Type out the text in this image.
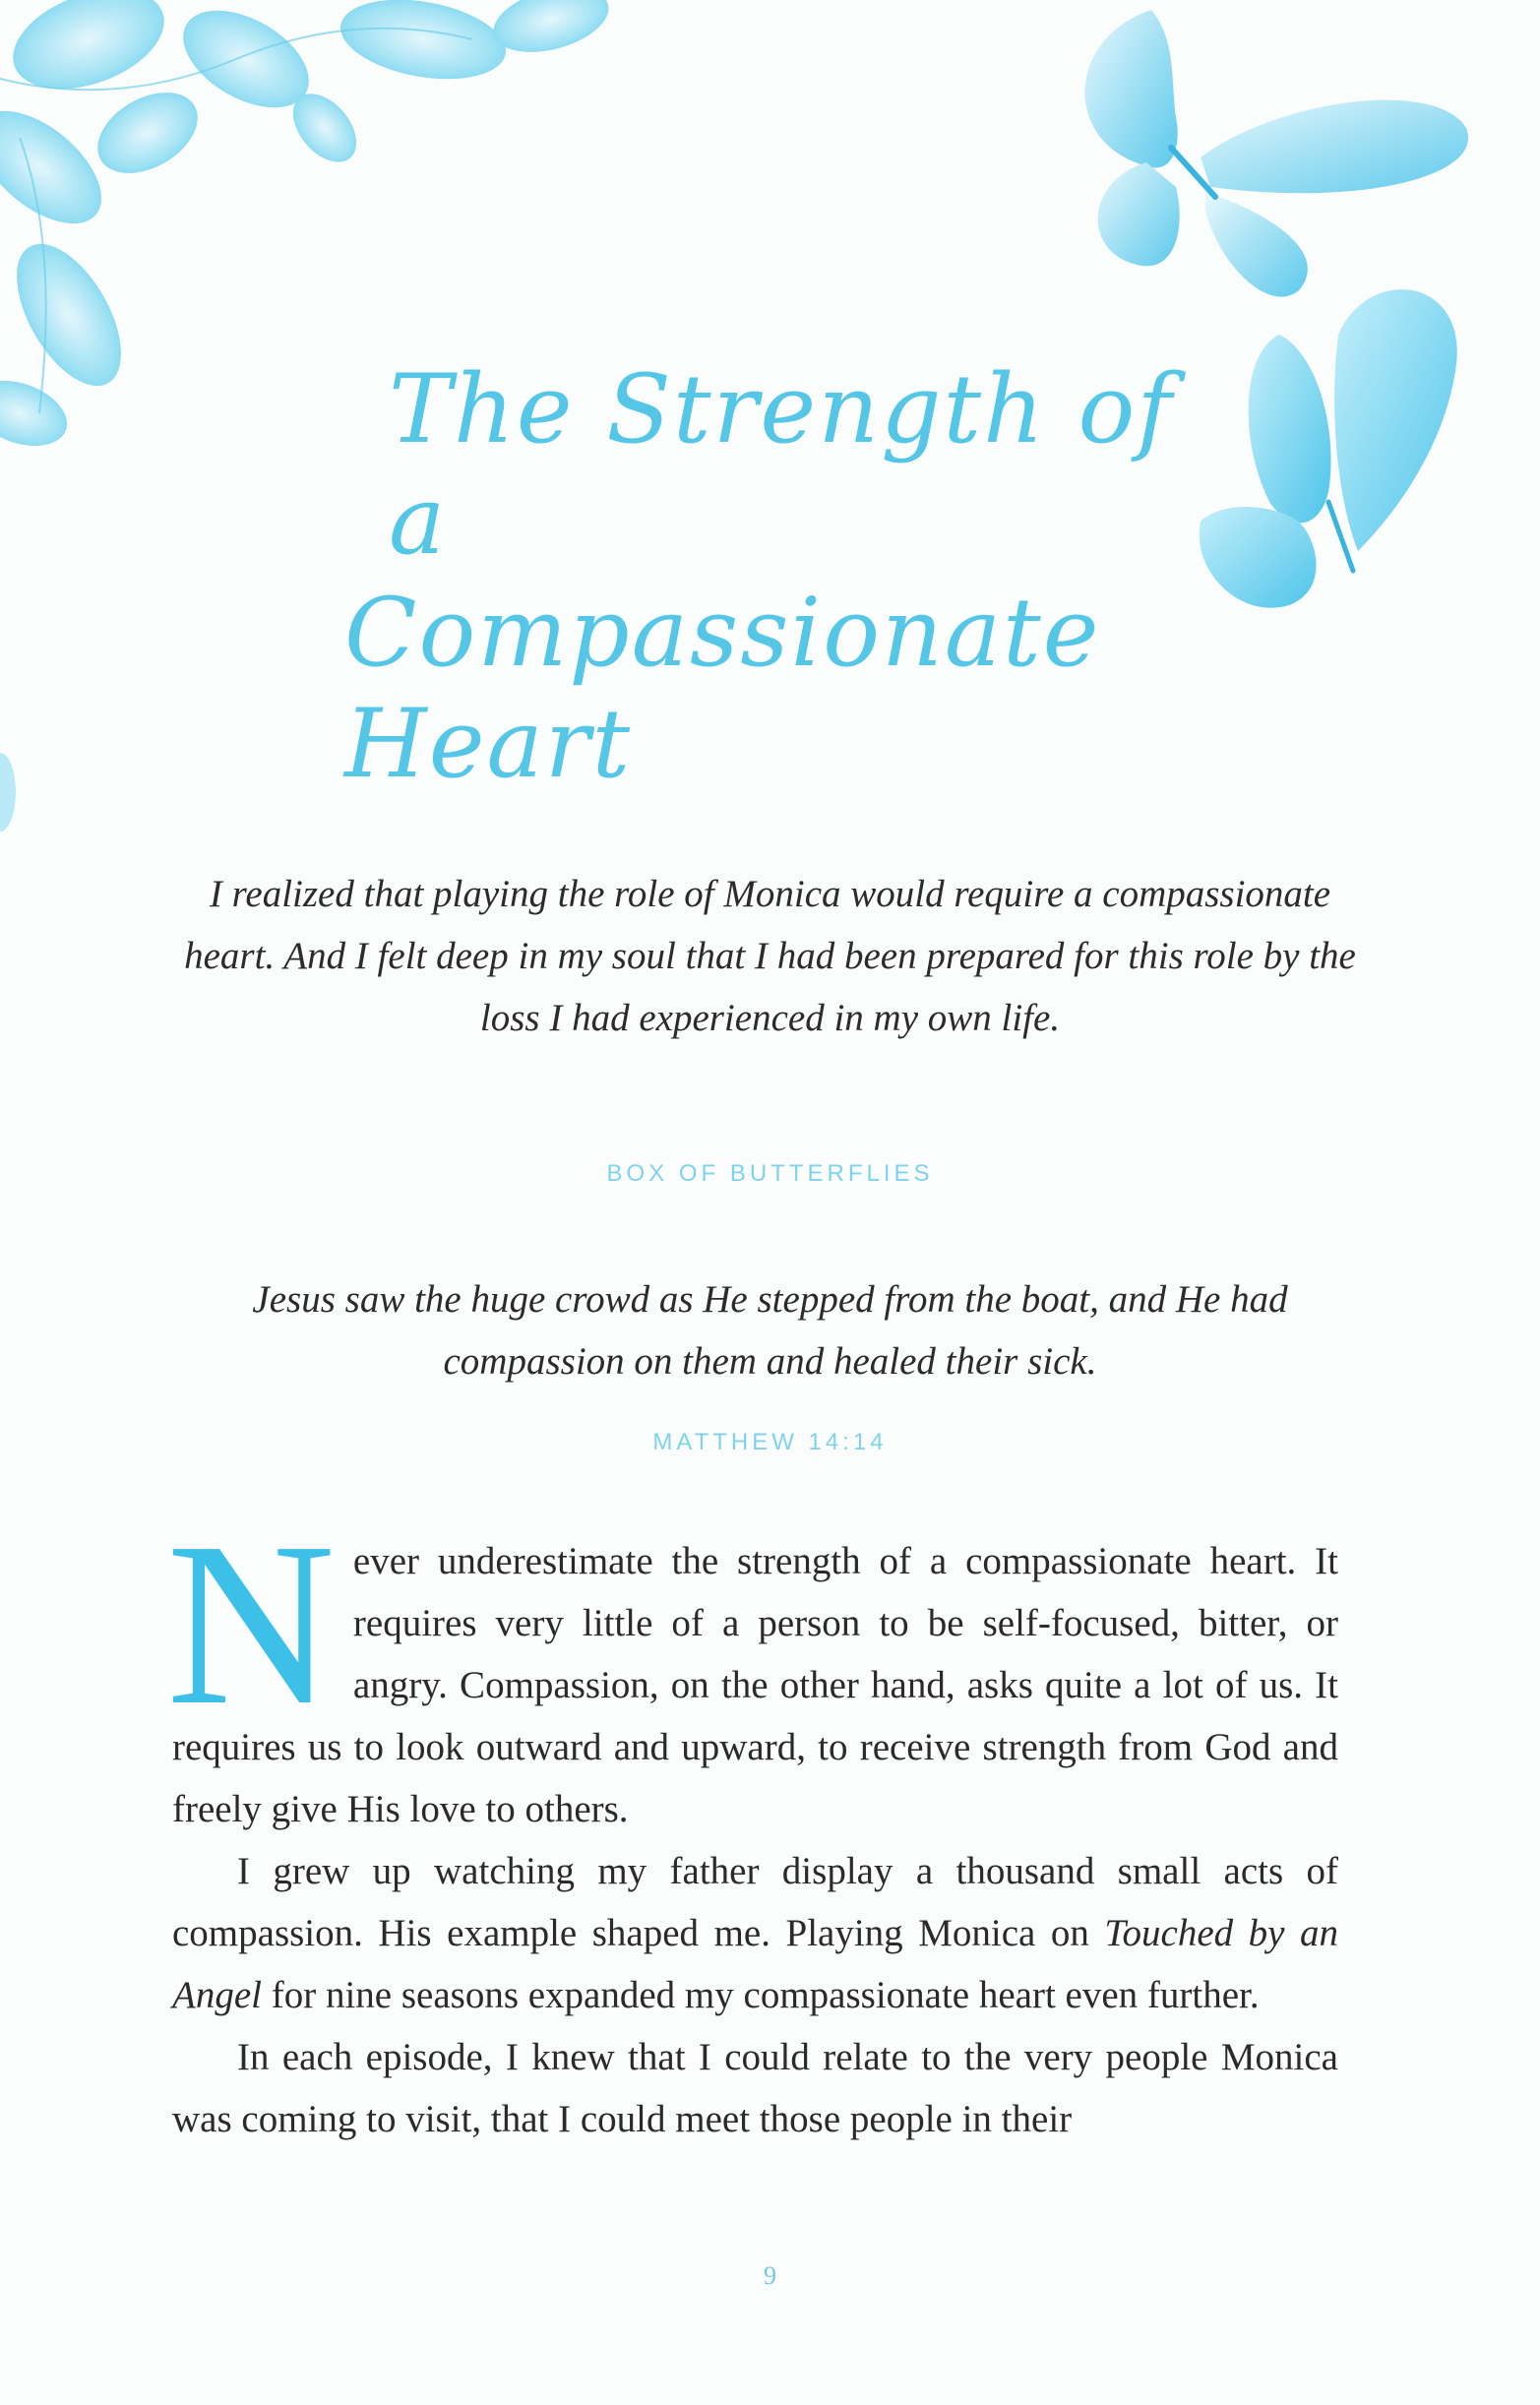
The Strength of a
Compassionate Heart

I realized that playing the role of Monica would require a compassionate heart. And I felt deep in my soul that I had been prepared for this role by the loss I had experienced in my own life.

BOX OF BUTTERFLIES

Jesus saw the huge crowd as He stepped from the boat, and He had compassion on them and healed their sick.

MATTHEW 14:14

Never underestimate the strength of a compassionate heart. It requires very little of a person to be self-focused, bitter, or angry. Compassion, on the other hand, asks quite a lot of us. It requires us to look outward and upward, to receive strength from God and freely give His love to others.

I grew up watching my father display a thousand small acts of compassion. His example shaped me. Playing Monica on Touched by an Angel for nine seasons expanded my compassionate heart even further.

In each episode, I knew that I could relate to the very people Monica was coming to visit, that I could meet those people in their

9
